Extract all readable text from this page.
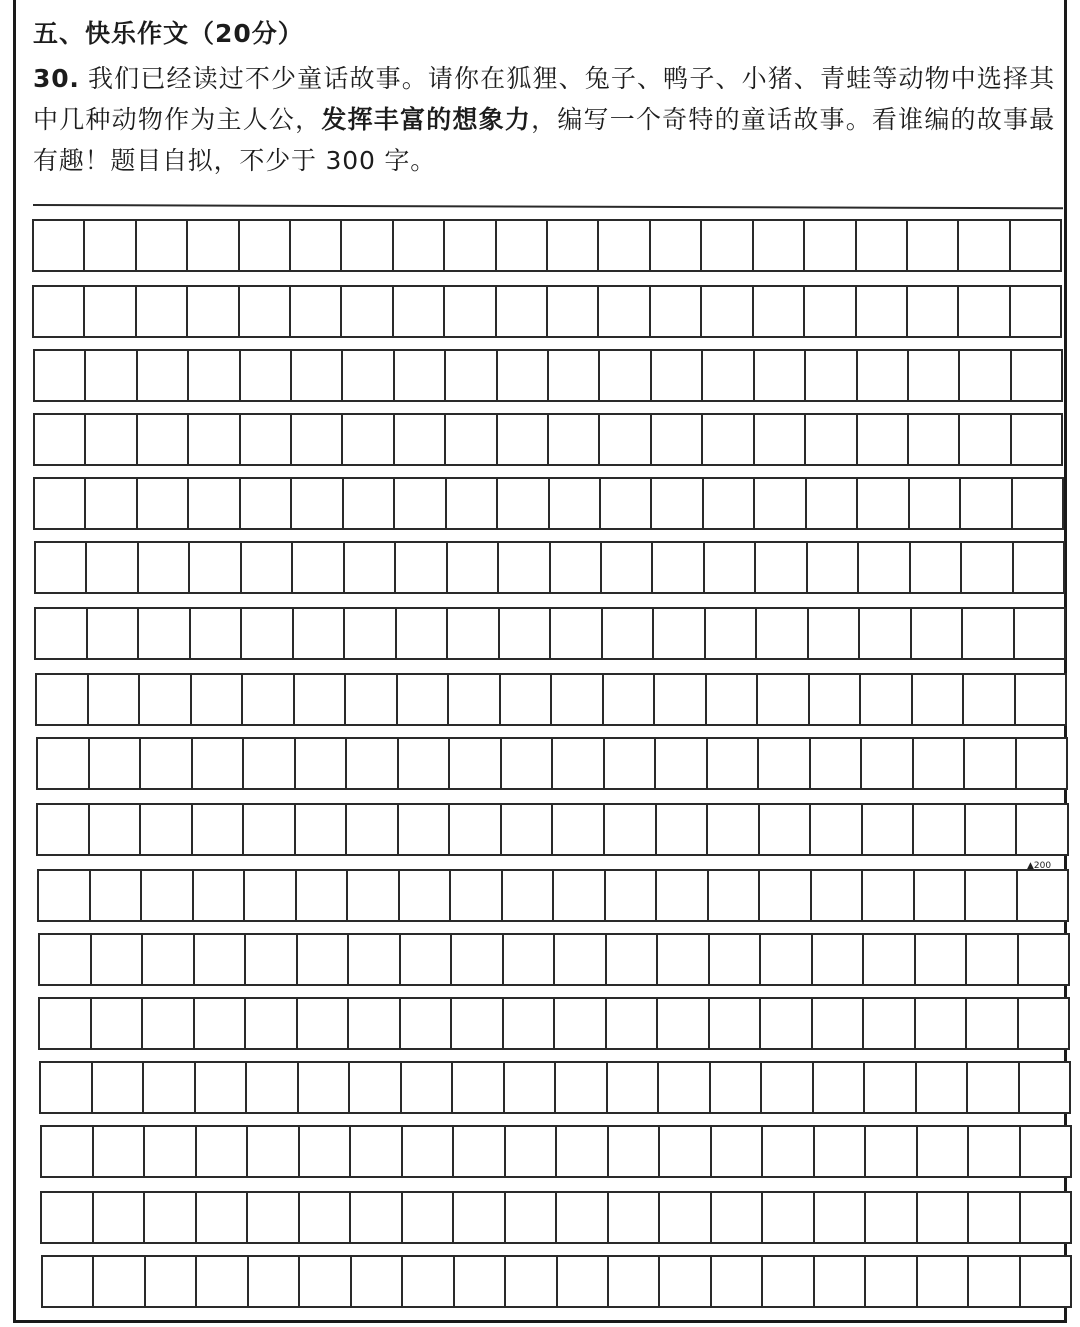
五、快乐作文（20分）
30. 我们已经读过不少童话故事。请你在狐狸、兔子、鸭子、小猪、青蛙等动物中选择其中几种动物作为主人公，发挥丰富的想象力，编写一个奇特的童话故事。看谁编的故事最有趣！题目自拟，不少于 300 字。
▲200
